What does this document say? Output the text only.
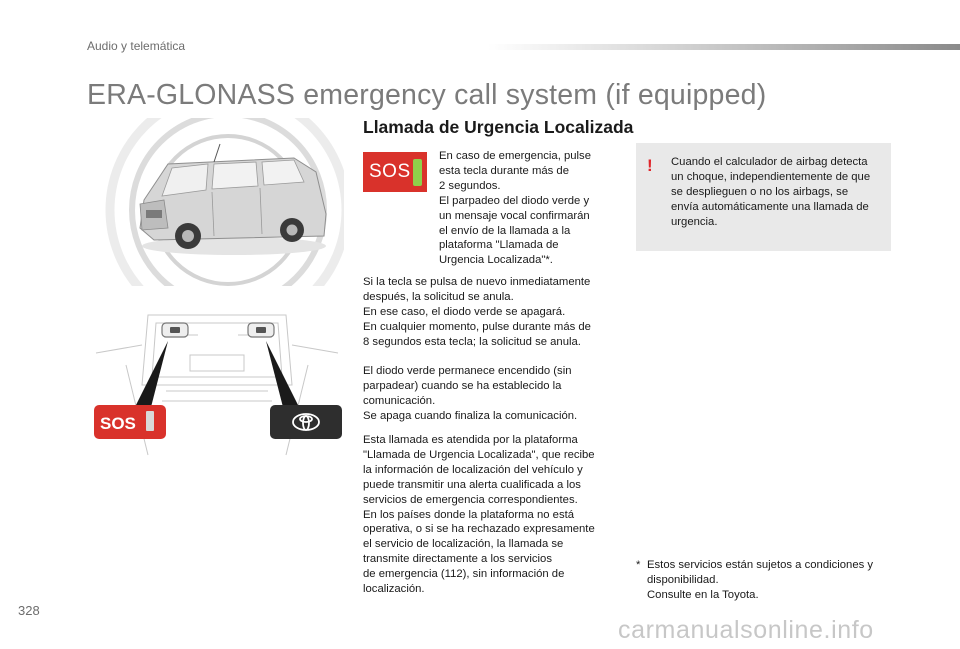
Audio y telemática
ERA-GLONASS emergency call system (if equipped)
SOS
Llamada de Urgencia Localizada
SOS
En caso de emergencia, pulse
esta tecla durante más de
2 segundos.
El parpadeo del diodo verde y
un mensaje vocal confirmarán
el envío de la llamada a la
plataforma "Llamada de
Urgencia Localizada"*.
Si la tecla se pulsa de nuevo inmediatamente
después, la solicitud se anula.
En ese caso, el diodo verde se apagará.
En cualquier momento, pulse durante más de
8 segundos esta tecla; la solicitud se anula.
El diodo verde permanece encendido (sin
parpadear) cuando se ha establecido la
comunicación.
Se apaga cuando finaliza la comunicación.
Esta llamada es atendida por la plataforma
"Llamada de Urgencia Localizada", que recibe
la información de localización del vehículo y
puede transmitir una alerta cualificada a los
servicios de emergencia correspondientes.
En los países donde la plataforma no está
operativa, o si se ha rechazado expresamente
el servicio de localización, la llamada se
transmite directamente a los servicios
de emergencia (112), sin información de
localización.
! Cuando el calculador de airbag detecta
un choque, independientemente de que
se desplieguen o no los airbags, se
envía automáticamente una llamada de
urgencia.
* Estos servicios están sujetos a condiciones y
disponibilidad.
Consulte en la Toyota.
328
carmanualsonline.info
